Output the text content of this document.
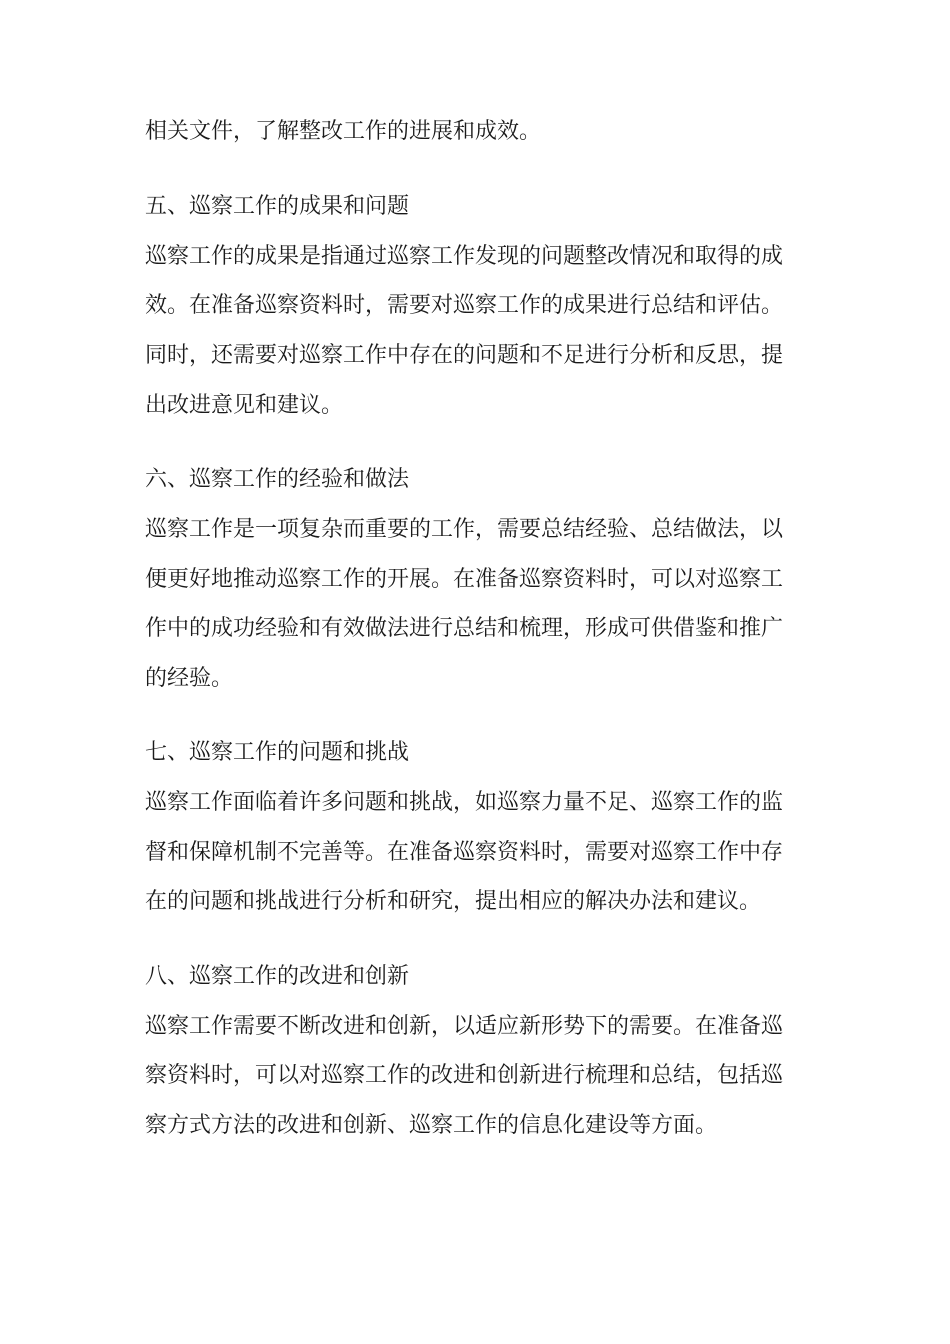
相关文件，了解整改工作的进展和成效。
五、巡察工作的成果和问题
巡察工作的成果是指通过巡察工作发现的问题整改情况和取得的成
效。在准备巡察资料时，需要对巡察工作的成果进行总结和评估。
同时，还需要对巡察工作中存在的问题和不足进行分析和反思，提
出改进意见和建议。
六、巡察工作的经验和做法
巡察工作是一项复杂而重要的工作，需要总结经验、总结做法，以
便更好地推动巡察工作的开展。在准备巡察资料时，可以对巡察工
作中的成功经验和有效做法进行总结和梳理，形成可供借鉴和推广
的经验。
七、巡察工作的问题和挑战
巡察工作面临着许多问题和挑战，如巡察力量不足、巡察工作的监
督和保障机制不完善等。在准备巡察资料时，需要对巡察工作中存
在的问题和挑战进行分析和研究，提出相应的解决办法和建议。
八、巡察工作的改进和创新
巡察工作需要不断改进和创新，以适应新形势下的需要。在准备巡
察资料时，可以对巡察工作的改进和创新进行梳理和总结，包括巡
察方式方法的改进和创新、巡察工作的信息化建设等方面。
